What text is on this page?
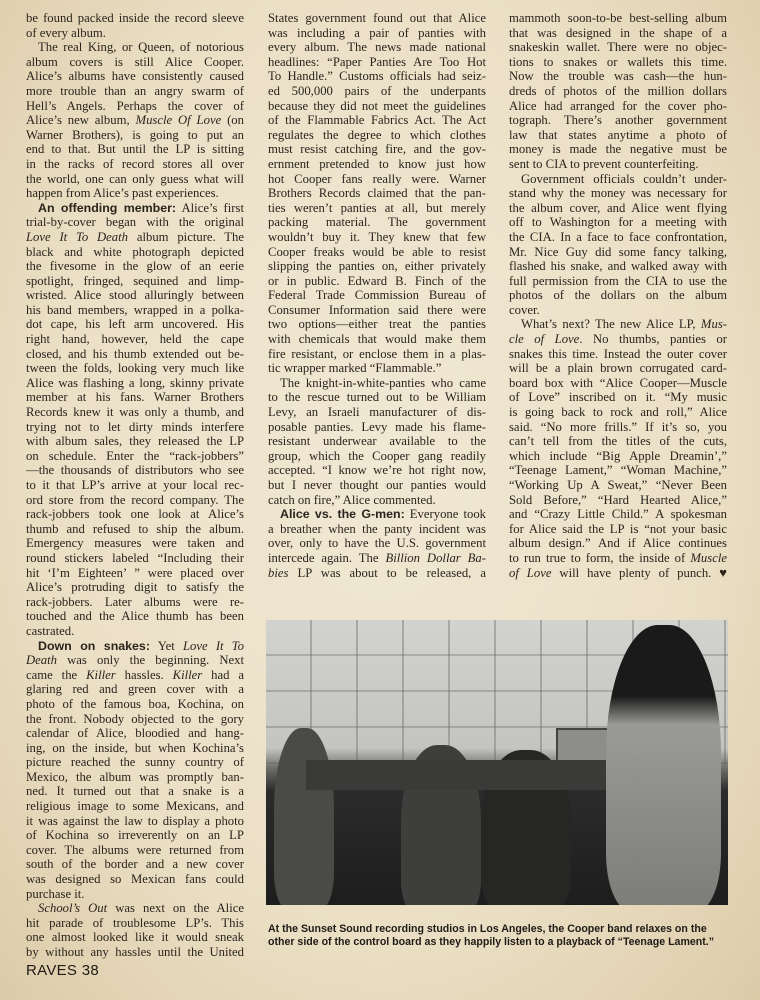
be found packed inside the record sleeve
of every album.
The real King, or Queen, of notorious
album covers is still Alice Cooper.
Alice’s albums have consistently caused
more trouble than an angry swarm of
Hell’s Angels. Perhaps the cover of
Alice’s new album, Muscle Of Love (on
Warner Brothers), is going to put an
end to that. But until the LP is sitting
in the racks of record stores all over
the world, one can only guess what will
happen from Alice’s past experiences.
An offending member: Alice’s first
trial-by-cover began with the original
Love It To Death album picture. The
black and white photograph depicted
the fivesome in the glow of an eerie
spotlight, fringed, sequined and limp-
wristed. Alice stood alluringly between
his band members, wrapped in a polka-
dot cape, his left arm uncovered. His
right hand, however, held the cape
closed, and his thumb extended out be-
tween the folds, looking very much like
Alice was flashing a long, skinny private
member at his fans. Warner Brothers
Records knew it was only a thumb, and
trying not to let dirty minds interfere
with album sales, they released the LP
on schedule. Enter the “rack-jobbers”
—the thousands of distributors who see
to it that LP’s arrive at your local rec-
ord store from the record company. The
rack-jobbers took one look at Alice’s
thumb and refused to ship the album.
Emergency measures were taken and
round stickers labeled “Including their
hit ‘I’m Eighteen’ ” were placed over
Alice’s protruding digit to satisfy the
rack-jobbers. Later albums were re-
touched and the Alice thumb has been
castrated.
Down on snakes: Yet Love It To
Death was only the beginning. Next
came the Killer hassles. Killer had a
glaring red and green cover with a
photo of the famous boa, Kochina, on
the front. Nobody objected to the gory
calendar of Alice, bloodied and hang-
ing, on the inside, but when Kochina’s
picture reached the sunny country of
Mexico, the album was promptly ban-
ned. It turned out that a snake is a
religious image to some Mexicans, and
it was against the law to display a photo
of Kochina so irreverently on an LP
cover. The albums were returned from
south of the border and a new cover
was designed so Mexican fans could
purchase it.
School’s Out was next on the Alice
hit parade of troublesome LP’s. This
one almost looked like it would sneak
by without any hassles until the United
States government found out that Alice
was including a pair of panties with
every album. The news made national
headlines: “Paper Panties Are Too Hot
To Handle.” Customs officials had seiz-
ed 500,000 pairs of the underpants
because they did not meet the guidelines
of the Flammable Fabrics Act. The Act
regulates the degree to which clothes
must resist catching fire, and the gov-
ernment pretended to know just how
hot Cooper fans really were. Warner
Brothers Records claimed that the pan-
ties weren’t panties at all, but merely
packing material. The government
wouldn’t buy it. They knew that few
Cooper freaks would be able to resist
slipping the panties on, either privately
or in public. Edward B. Finch of the
Federal Trade Commission Bureau of
Consumer Information said there were
two options—either treat the panties
with chemicals that would make them
fire resistant, or enclose them in a plas-
tic wrapper marked “Flammable.”
The knight-in-white-panties who came
to the rescue turned out to be William
Levy, an Israeli manufacturer of dis-
posable panties. Levy made his flame-
resistant underwear available to the
group, which the Cooper gang readily
accepted. “I know we’re hot right now,
but I never thought our panties would
catch on fire,” Alice commented.
Alice vs. the G-men: Everyone took
a breather when the panty incident was
over, only to have the U.S. government
intercede again. The Billion Dollar Ba-
bies LP was about to be released, a
mammoth soon-to-be best-selling album
that was designed in the shape of a
snakeskin wallet. There were no objec-
tions to snakes or wallets this time.
Now the trouble was cash—the hun-
dreds of photos of the million dollars
Alice had arranged for the cover pho-
tograph. There’s another government
law that states anytime a photo of
money is made the negative must be
sent to CIA to prevent counterfeiting.
Government officials couldn’t under-
stand why the money was necessary for
the album cover, and Alice went flying
off to Washington for a meeting with
the CIA. In a face to face confrontation,
Mr. Nice Guy did some fancy talking,
flashed his snake, and walked away with
full permission from the CIA to use the
photos of the dollars on the album
cover.
What’s next? The new Alice LP, Mus-
cle of Love. No thumbs, panties or
snakes this time. Instead the outer cover
will be a plain brown corrugated card-
board box with “Alice Cooper—Muscle
of Love” inscribed on it. “My music
is going back to rock and roll,” Alice
said. “No more frills.” If it’s so, you
can’t tell from the titles of the cuts,
which include “Big Apple Dreamin’,”
“Teenage Lament,” “Woman Machine,”
“Working Up A Sweat,” “Never Been
Sold Before,” “Hard Hearted Alice,”
and “Crazy Little Child.” A spokesman
for Alice said the LP is “not your basic
album design.” And if Alice continues
to run true to form, the inside of Muscle
of Love will have plenty of punch. ♥
At the Sunset Sound recording studios in Los Angeles, the Cooper band relaxes on the other side of the control board as they happily listen to a playback of “Teenage Lament.”
RAVES 38
